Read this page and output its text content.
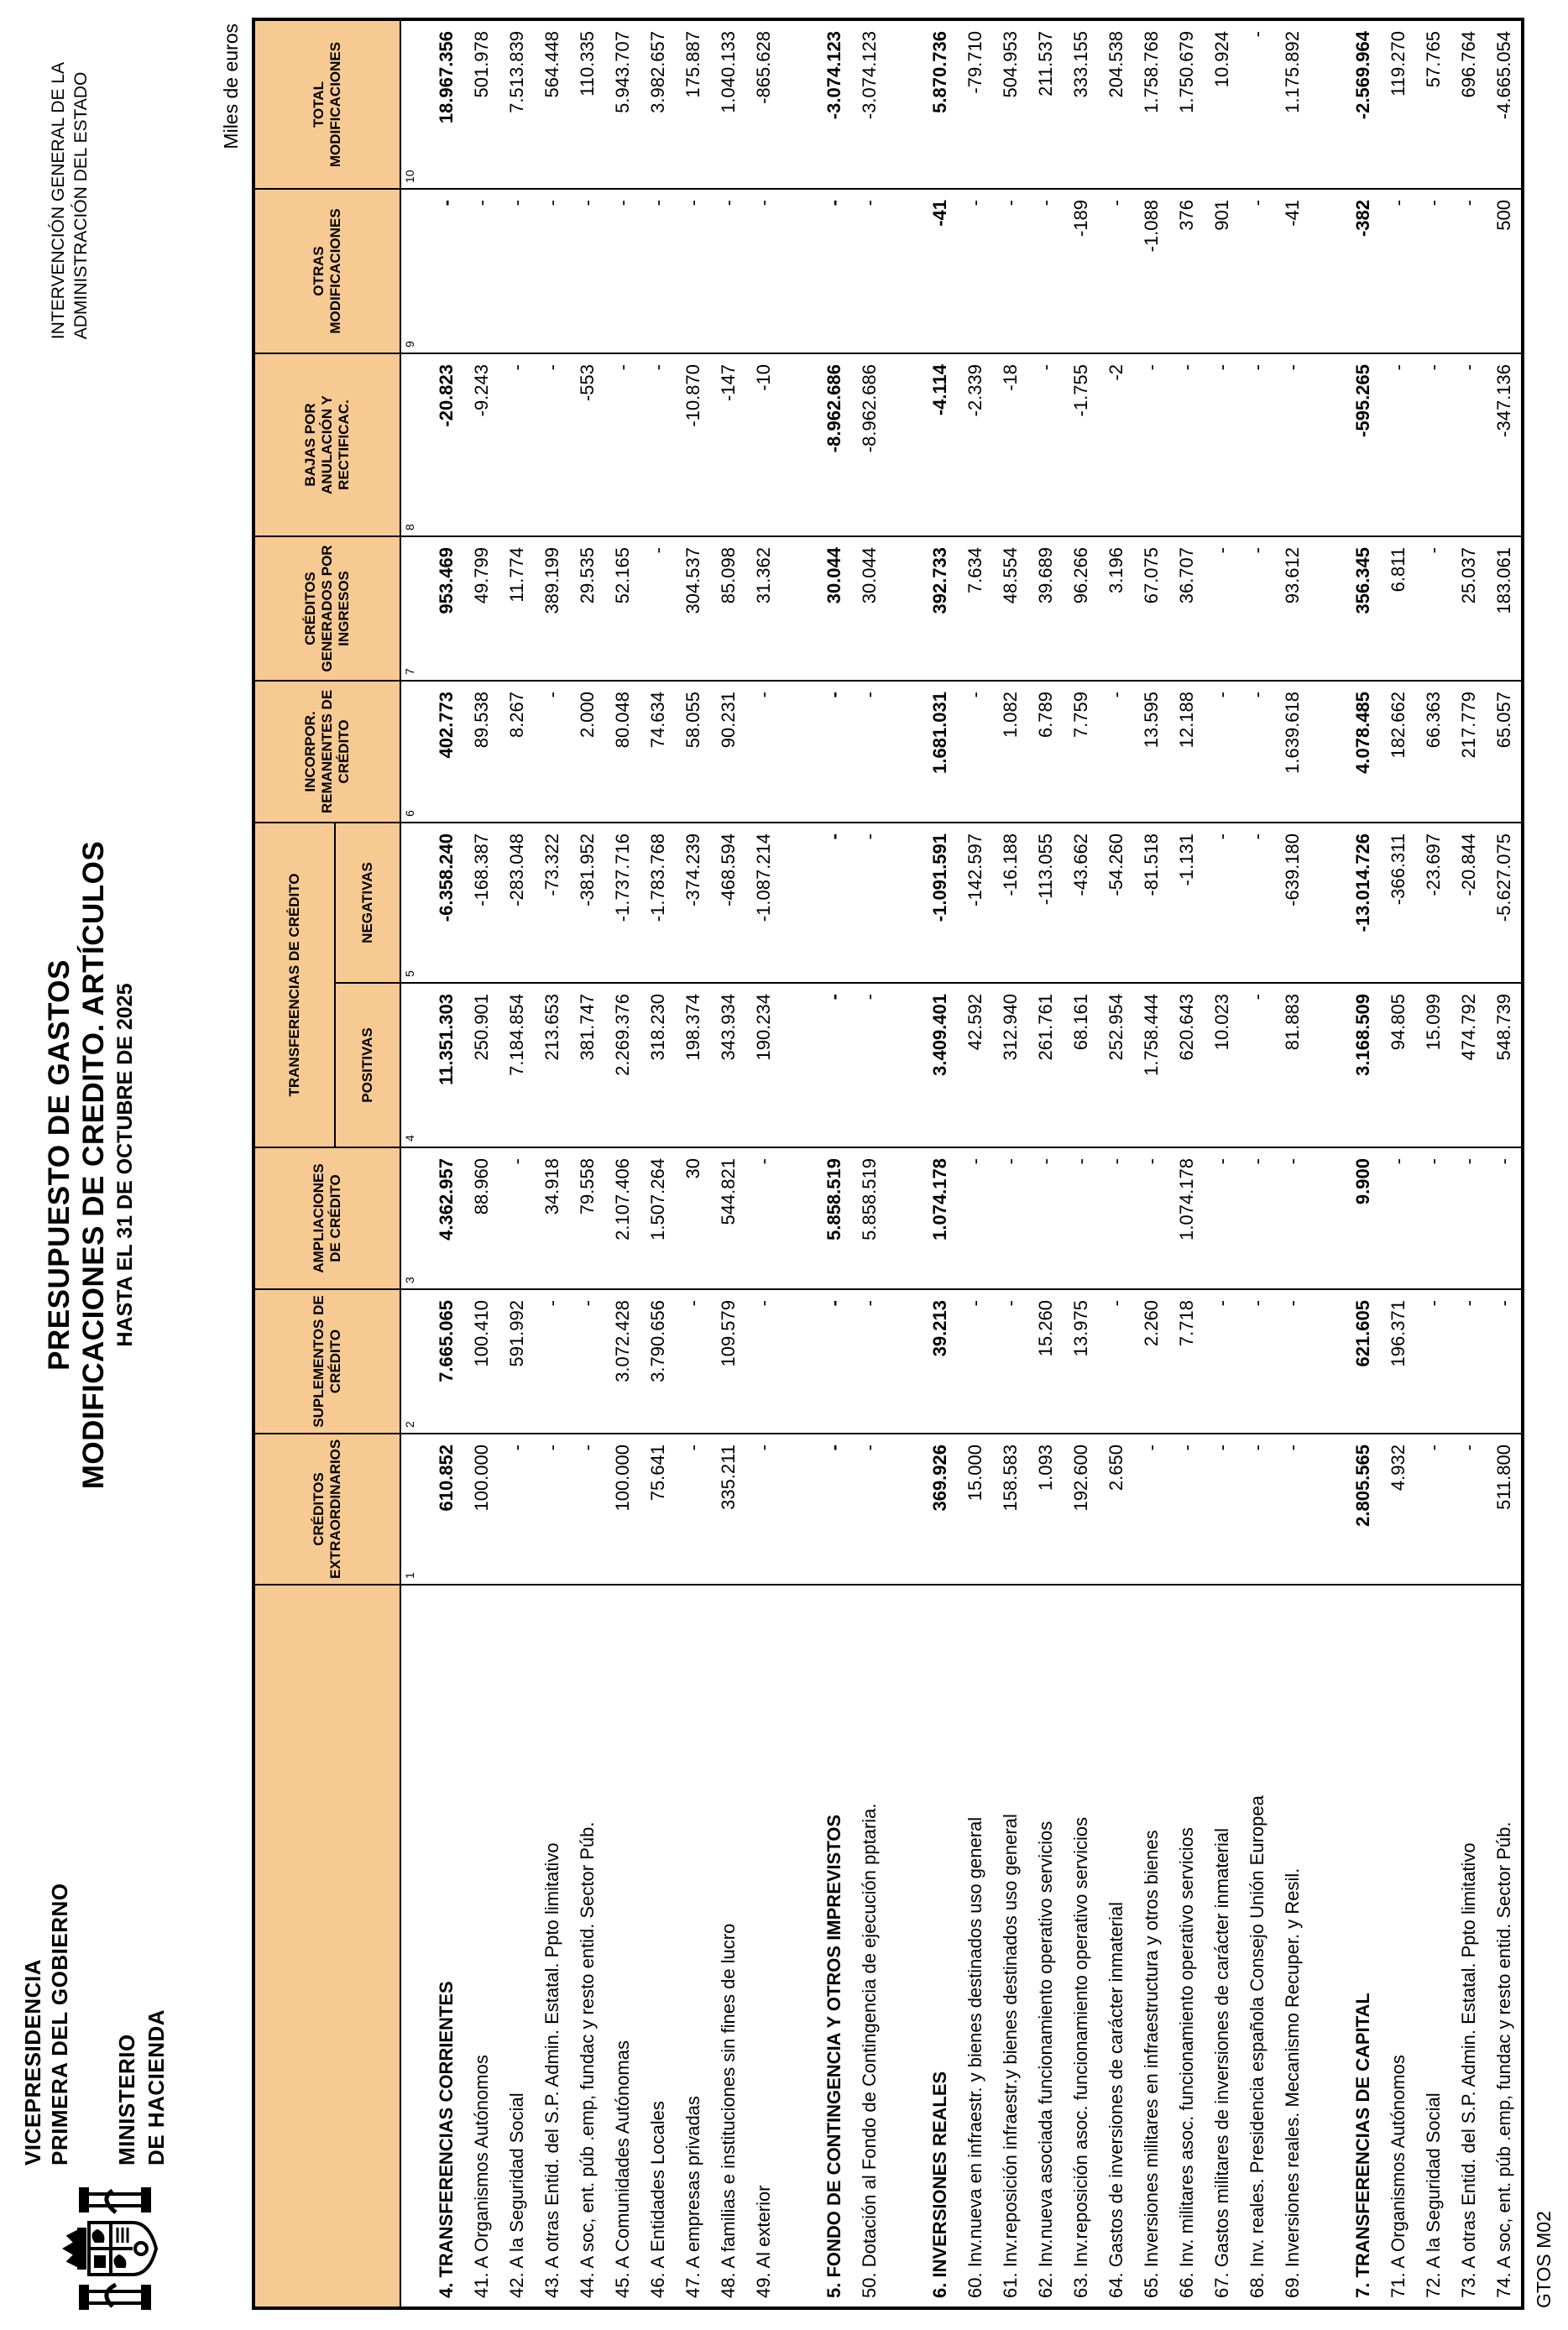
VICEPRESIDENCIA PRIMERA DEL GOBIERNO MINISTERIO DE HACIENDA
PRESUPUESTO DE GASTOS MODIFICACIONES DE CREDITO. ARTÍCULOS HASTA EL 31 DE OCTUBRE DE 2025
INTERVENCIÓN GENERAL DE LA ADMINISTRACIÓN DEL ESTADO	Miles de euros
	CRÉDITOS EXTRAORDINARIOS	SUPLEMENTOS DE CRÉDITO	AMPLIACIONES DE CRÉDITO	TRANSFERENCIAS DE CRÉDITO		INCORPOR. REMANENTES DE CRÉDITO	CRÉDITOS GENERADOS POR INGRESOS	BAJAS POR ANULACIÓN Y RECTIFICAC.	OTRAS MODIFICACIONES	TOTAL MODIFICACIONES
				POSITIVAS	NEGATIVAS					
	1	2	3	4	5	6	7	8	9	10
4. TRANSFERENCIAS CORRIENTES	610.852	7.665.065	4.362.957	11.351.303	-6.358.240	402.773	953.469	-20.823	-	18.967.356
41. A Organismos Autónomos	100.000	100.410	88.960	250.901	-168.387	89.538	49.799	-9.243	-	501.978
42. A la Seguridad Social	-	591.992	-	7.184.854	-283.048	8.267	11.774	-	-	7.513.839
43. A otras Entid. del S.P. Admin. Estatal. Ppto limitativo	-	-	34.918	213.653	-73.322	-	389.199	-	-	564.448
44. A soc, ent. púb .emp, fundac y resto entid. Sector Púb.	-	-	79.558	381.747	-381.952	2.000	29.535	-553	-	110.335
45. A Comunidades Autónomas	100.000	3.072.428	2.107.406	2.269.376	-1.737.716	80.048	52.165	-	-	5.943.707
46. A Entidades Locales	75.641	3.790.656	1.507.264	318.230	-1.783.768	74.634	-	-	-	3.982.657
47. A empresas privadas	-	-	30	198.374	-374.239	58.055	304.537	-10.870	-	175.887
48. A familias e instituciones sin fines de lucro	335.211	109.579	544.821	343.934	-468.594	90.231	85.098	-147	-	1.040.133
49. Al exterior	-	-	-	190.234	-1.087.214	-	31.362	-10	-	-865.628

5. FONDO DE CONTINGENCIA Y OTROS IMPREVISTOS	-	-	5.858.519	-	-	-	30.044	-8.962.686	-	-3.074.123
50. Dotación al Fondo de Contingencia de ejecución pptaria.	-	-	5.858.519	-	-	-	30.044	-8.962.686	-	-3.074.123

6. INVERSIONES REALES	369.926	39.213	1.074.178	3.409.401	-1.091.591	1.681.031	392.733	-4.114	-41	5.870.736
60. Inv.nueva en infraestr. y bienes destinados uso general	15.000	-	-	42.592	-142.597	-	7.634	-2.339	-	-79.710
61. Inv.reposición infraestr.y bienes destinados uso general	158.583	-	-	312.940	-16.188	1.082	48.554	-18	-	504.953
62. Inv.nueva asociada funcionamiento operativo servicios	1.093	15.260	-	261.761	-113.055	6.789	39.689	-	-	211.537
63. Inv.reposición asoc. funcionamiento operativo servicios	192.600	13.975	-	68.161	-43.662	7.759	96.266	-1.755	-189	333.155
64. Gastos de inversiones de carácter inmaterial	2.650	-	-	252.954	-54.260	-	3.196	-2	-	204.538
65. Inversiones militares en infraestructura y otros bienes	-	2.260	-	1.758.444	-81.518	13.595	67.075	-	-1.088	1.758.768
66. Inv. militares asoc. funcionamiento operativo servicios	-	7.718	1.074.178	620.643	-1.131	12.188	36.707	-	376	1.750.679
67. Gastos militares de inversiones de carácter inmaterial	-	-	-	10.023	-	-	-	-	901	10.924
68. Inv. reales. Presidencia española Consejo Unión Europea	-	-	-	-	-	-	-	-	-	-
69. Inversiones reales. Mecanismo Recuper. y Resil.	-	-	-	81.883	-639.180	1.639.618	93.612	-	-41	1.175.892

7. TRANSFERENCIAS DE CAPITAL	2.805.565	621.605	9.900	3.168.509	-13.014.726	4.078.485	356.345	-595.265	-382	-2.569.964
71. A Organismos Autónomos	4.932	196.371	-	94.805	-366.311	182.662	6.811	-	-	119.270
72. A la Seguridad Social	-	-	-	15.099	-23.697	66.363	-	-	-	57.765
73. A otras Entid. del S.P. Admin. Estatal. Ppto limitativo	-	-	-	474.792	-20.844	217.779	25.037	-	-	696.764
74. A soc, ent. púb .emp, fundac y resto entid. Sector Púb.	511.800	-	-	548.739	-5.627.075	65.057	183.061	-347.136	500	-4.665.054
GTOS M02
